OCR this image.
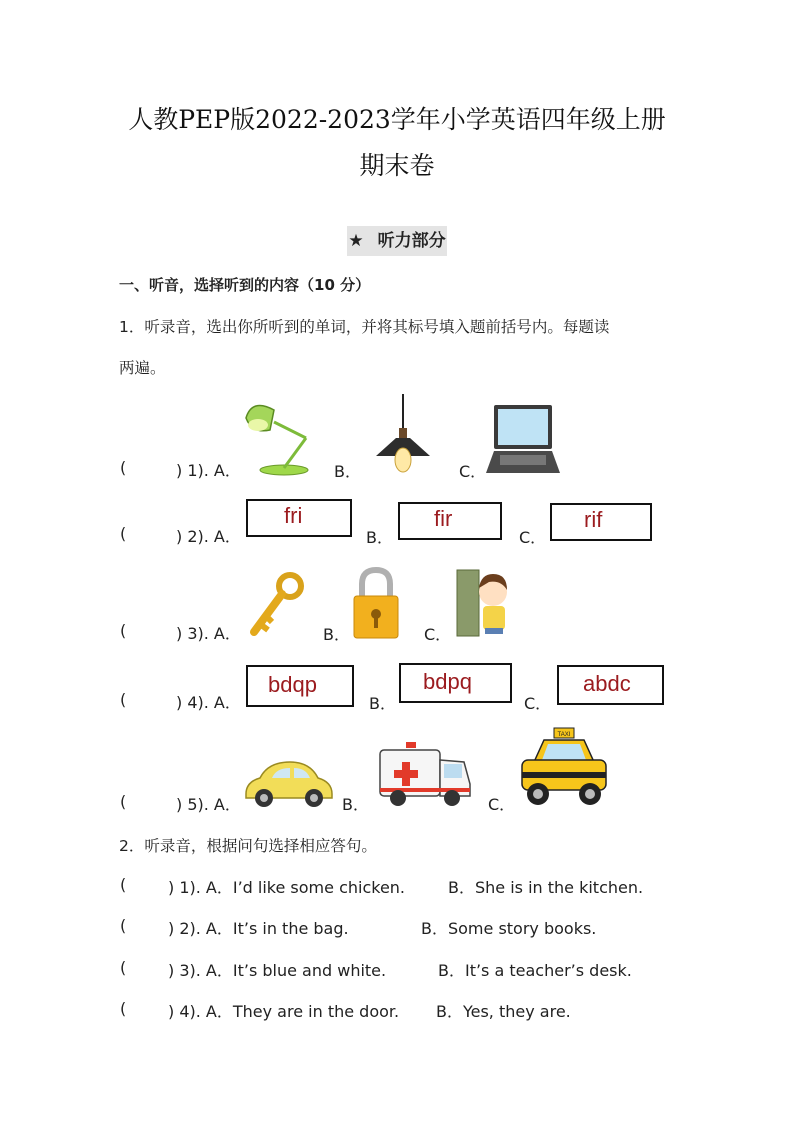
人教PEP版2022-2023学年小学英语四年级上册
期末卷
★ 听力部分
一、听音，选择听到的内容（10 分）
1．听录音，选出你所听到的单词，并将其标号填入题前括号内。每题读
两遍。
(	) 1). A．	B．	C．
(	) 2). A．
fri
B．
fir
C．
rif
(	) 3). A．	B．	C．
(	) 4). A．
bdqp
B．
bdpq
C．
abdc
(	) 5). A．	B．	C．
TAXI
2．听录音，根据问句选择相应答句。
(	) 1). A．I’d like some chicken.	B．She is in the kitchen.
(	) 2). A．It’s in the bag.	B．Some story books.
(	) 3). A．It’s blue and white.	B．It’s a teacher’s desk.
(	) 4). A．They are in the door. B．Yes, they are.
